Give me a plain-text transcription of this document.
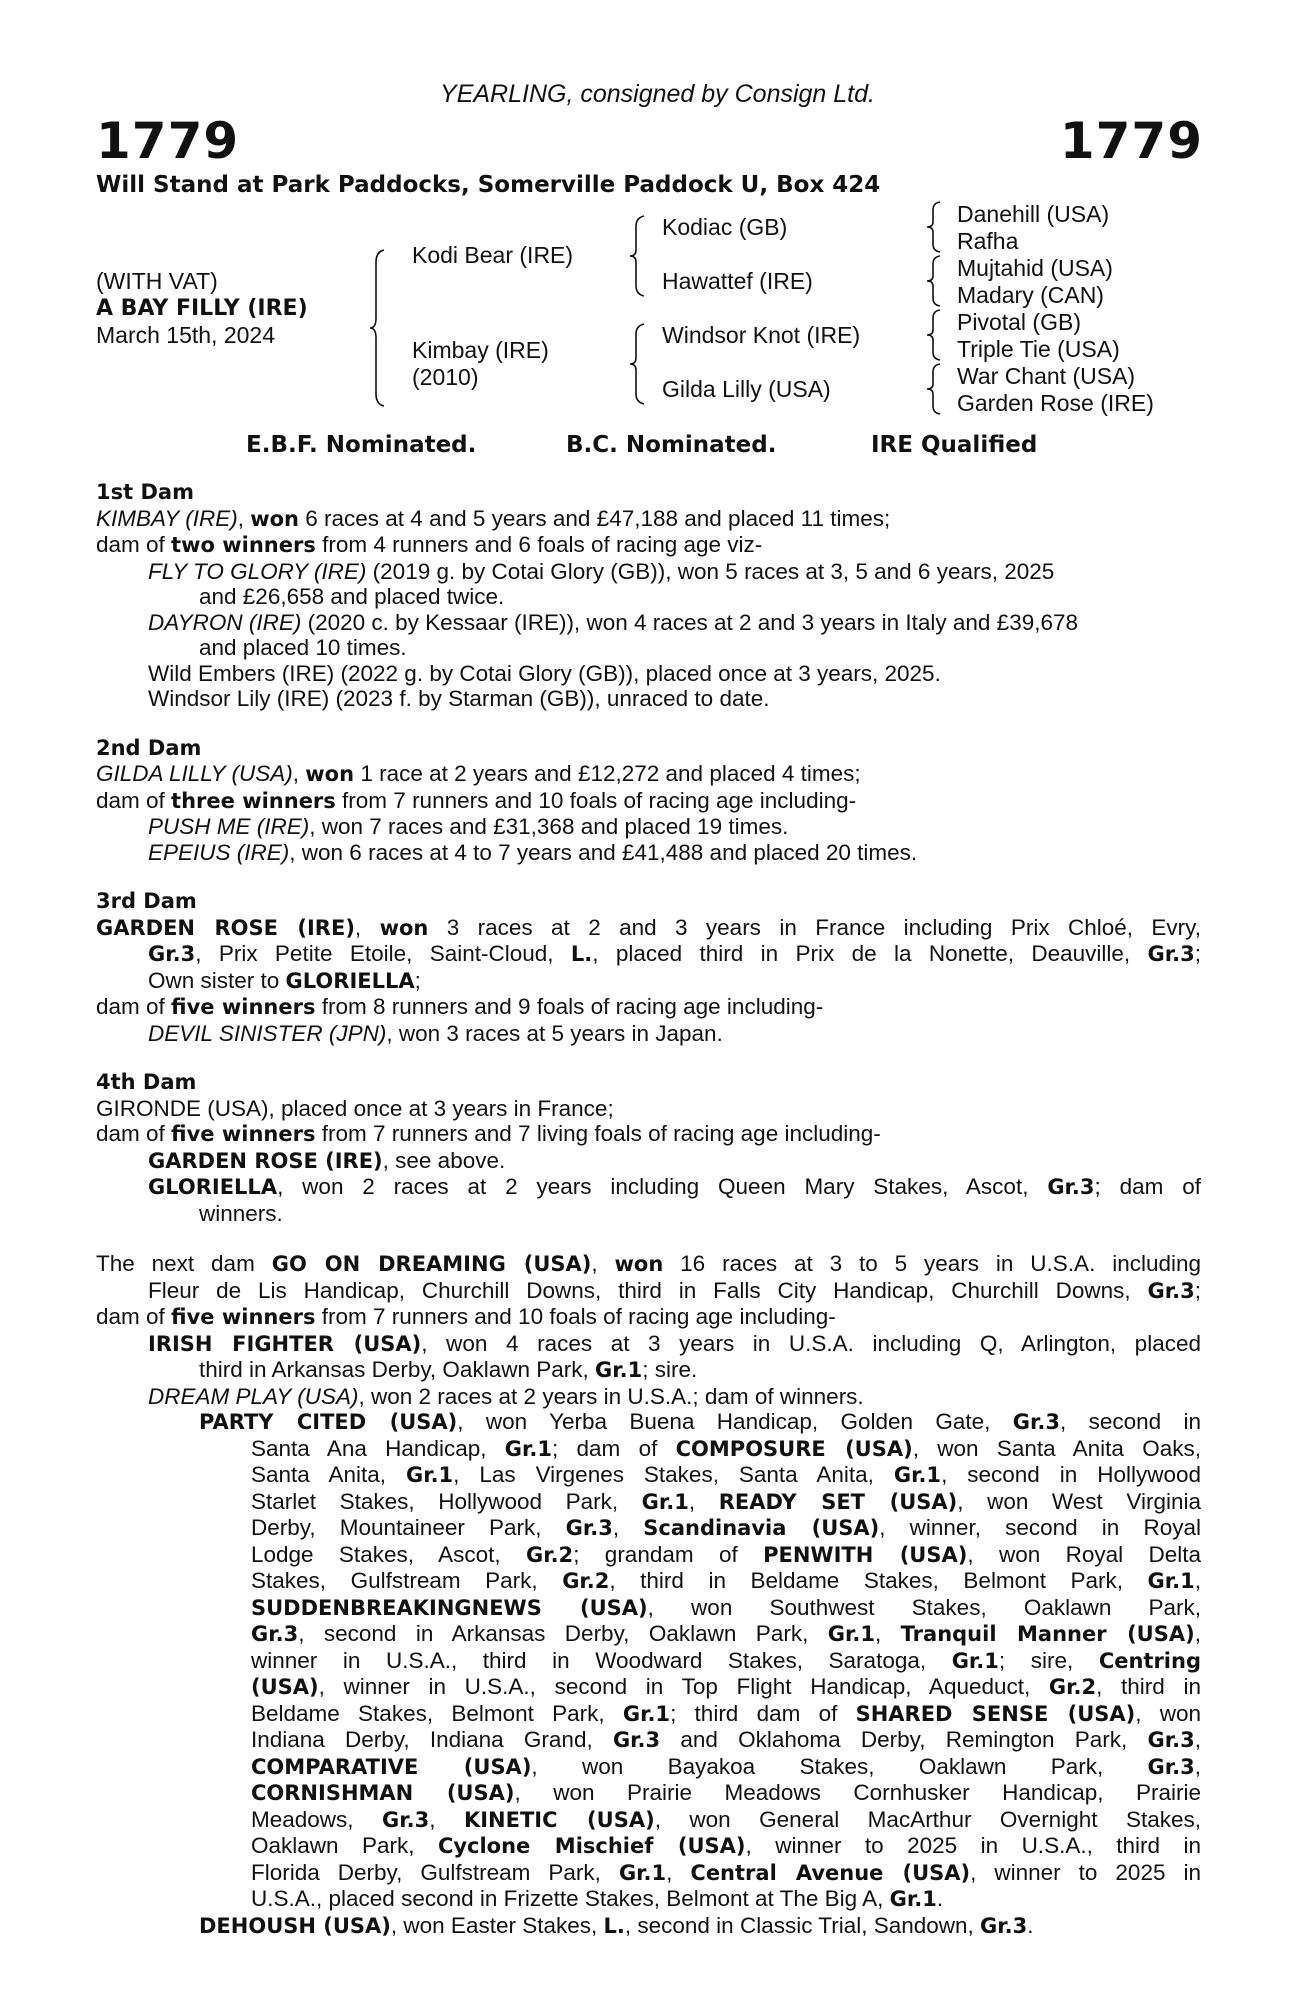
YEARLING, consigned by Consign Ltd.
1779	1779
Will Stand at Park Paddocks, Somerville Paddock U, Box 424
(WITH VAT)
A BAY FILLY (IRE)
March 15th, 2024
Kodi Bear (IRE)
Kimbay (IRE)
(2010)
Kodiac (GB)
Hawattef (IRE)
Windsor Knot (IRE)
Gilda Lilly (USA)
Danehill (USA)
Rafha
Mujtahid (USA)
Madary (CAN)
Pivotal (GB)
Triple Tie (USA)
War Chant (USA)
Garden Rose (IRE)
E.B.F. Nominated.	B.C. Nominated.	IRE Qualified
1st Dam
KIMBAY (IRE), won 6 races at 4 and 5 years and £47,188 and placed 11 times;
dam of two winners from 4 runners and 6 foals of racing age viz-
FLY TO GLORY (IRE) (2019 g. by Cotai Glory (GB)), won 5 races at 3, 5 and 6 years, 2025
and £26,658 and placed twice.
DAYRON (IRE) (2020 c. by Kessaar (IRE)), won 4 races at 2 and 3 years in Italy and £39,678
and placed 10 times.
Wild Embers (IRE) (2022 g. by Cotai Glory (GB)), placed once at 3 years, 2025.
Windsor Lily (IRE) (2023 f. by Starman (GB)), unraced to date.
2nd Dam
GILDA LILLY (USA), won 1 race at 2 years and £12,272 and placed 4 times;
dam of three winners from 7 runners and 10 foals of racing age including-
PUSH ME (IRE), won 7 races and £31,368 and placed 19 times.
EPEIUS (IRE), won 6 races at 4 to 7 years and £41,488 and placed 20 times.
3rd Dam
GARDEN ROSE (IRE), won 3 races at 2 and 3 years in France including Prix Chloé, Evry,
Gr.3, Prix Petite Etoile, Saint-Cloud, L., placed third in Prix de la Nonette, Deauville, Gr.3;
Own sister to GLORIELLA;
dam of five winners from 8 runners and 9 foals of racing age including-
DEVIL SINISTER (JPN), won 3 races at 5 years in Japan.
4th Dam
GIRONDE (USA), placed once at 3 years in France;
dam of five winners from 7 runners and 7 living foals of racing age including-
GARDEN ROSE (IRE), see above.
GLORIELLA, won 2 races at 2 years including Queen Mary Stakes, Ascot, Gr.3; dam of
winners.
The next dam GO ON DREAMING (USA), won 16 races at 3 to 5 years in U.S.A. including
Fleur de Lis Handicap, Churchill Downs, third in Falls City Handicap, Churchill Downs, Gr.3;
dam of five winners from 7 runners and 10 foals of racing age including-
IRISH FIGHTER (USA), won 4 races at 3 years in U.S.A. including Q, Arlington, placed
third in Arkansas Derby, Oaklawn Park, Gr.1; sire.
DREAM PLAY (USA), won 2 races at 2 years in U.S.A.; dam of winners.
PARTY CITED (USA), won Yerba Buena Handicap, Golden Gate, Gr.3, second in
Santa Ana Handicap, Gr.1; dam of COMPOSURE (USA), won Santa Anita Oaks,
Santa Anita, Gr.1, Las Virgenes Stakes, Santa Anita, Gr.1, second in Hollywood
Starlet Stakes, Hollywood Park, Gr.1, READY SET (USA), won West Virginia
Derby, Mountaineer Park, Gr.3, Scandinavia (USA), winner, second in Royal
Lodge Stakes, Ascot, Gr.2; grandam of PENWITH (USA), won Royal Delta
Stakes, Gulfstream Park, Gr.2, third in Beldame Stakes, Belmont Park, Gr.1,
SUDDENBREAKINGNEWS (USA), won Southwest Stakes, Oaklawn Park,
Gr.3, second in Arkansas Derby, Oaklawn Park, Gr.1, Tranquil Manner (USA),
winner in U.S.A., third in Woodward Stakes, Saratoga, Gr.1; sire, Centring
(USA), winner in U.S.A., second in Top Flight Handicap, Aqueduct, Gr.2, third in
Beldame Stakes, Belmont Park, Gr.1; third dam of SHARED SENSE (USA), won
Indiana Derby, Indiana Grand, Gr.3 and Oklahoma Derby, Remington Park, Gr.3,
COMPARATIVE (USA), won Bayakoa Stakes, Oaklawn Park, Gr.3,
CORNISHMAN (USA), won Prairie Meadows Cornhusker Handicap, Prairie
Meadows, Gr.3, KINETIC (USA), won General MacArthur Overnight Stakes,
Oaklawn Park, Cyclone Mischief (USA), winner to 2025 in U.S.A., third in
Florida Derby, Gulfstream Park, Gr.1, Central Avenue (USA), winner to 2025 in
U.S.A., placed second in Frizette Stakes, Belmont at The Big A, Gr.1.
DEHOUSH (USA), won Easter Stakes, L., second in Classic Trial, Sandown, Gr.3.
